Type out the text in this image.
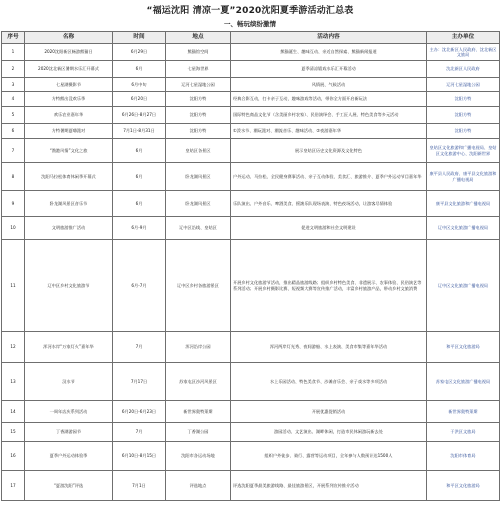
“福运沈阳 清凉一夏”2020沈阳夏季游活动汇总表
一、畅玩缤纷激情
序号	名称	时间	地点	活动内容	主办单位
1	2020沈阳新区畅游熊猫日	6月29日	熊猫馆空间	熊猫诞生、趣味互动、亲近自然探索、熊猫新闻报道	主办：沈北新区人民政府、沈北新区文旅局
2	2020沈北新区暑期水乐汇开幕式	6月	七星海世界	夏季清凉嬉戏水乐汇开幕活动	沈北新区人民政府
3	七星湖摄影节	6月中旬	辽河七星湿地公园	风情展、气候活动	辽河七星湿地公园
4	方特熊出没欢乐季	6月20日	沈阳方特	经典合影互动，打卡亲子互动，趣味游戏等活动，带你全方面开启新玩法	沈阳方特
5	欢乐农业嘉年华	6月26日-8月27日	沈阳方特	国际特色商品文化节（含美丽乡村农家）、民俗演绎会、手工匠人展、特色美食等多元活动	沈阳方特
6	方特暑期夏嗨派对	7月1日-8月31日	沈阳方特	①泼水节、潮玩派对、潮流音乐、趣味活动、②夜游嘉年华	沈阳方特
7	“渔港风情”文化之旅	6月	皇姑区各景区	展示皇姑区历史文化资源及文化特色	皇姑区文化旅游和广播电视局、皇姑区文化旅游中心、沈阳新世界
8	沈阳马拉松体育休闲季开幕式	6月	卧龙湖风景区	户外运动、马拉松、全民健身赛事活动、亲子互动体验、美食汇、旅游推介、夏季户外运动节目嘉年华	康平县人民政府、康平县文化旅游和广播电视局
9	卧龙湖风景区音乐节	6月	卧龙湖风景区	乐队演出、户外音乐、啤酒美食、摇滚乐队现场表演、特色夜场活动，让游客尽情体验	康平县文化旅游和广播电视局
10	文明旅游推广活动	6月-9月	辽中区沿线、皇姑区	促进文明旅游和社会文明建设	辽中区文化旅游广播电视局
11	辽中区乡村文化旅游节	6月-7月	辽中区乡村各旅游景区	开展乡村文化旅游节活动，推出精品旅游线路；组织乡村特色美食、非遗展示、农事体验、民俗演艺等系列活动；开展乡村摄影比赛、短视频大赛等宣传推广活动，丰富乡村旅游产品，带动乡村文旅消费	辽中区文化旅游广播电视局
12	浑河水岸“万家灯火”嘉年华	7月	浑河沿岸公园	浑河两岸灯光秀、夜间游船、水上表演、美食市集等嘉年华活动	和平区文化旅游局
13	汉水节	7月17日	苏家屯区沙河风景区	水上乐园活动、特色美食节、沙滩音乐会、亲子戏水等多项活动	苏家屯区文化旅游广播电视局
14	一周年店庆系列活动	6月20日-6月23日	新世界奥特莱斯	开展优惠促销活动	新世界奥特莱斯
15	丁香湖游园节	7月	丁香湖公园	游园活动、文艺演出、湖畔休闲，打造市民休闲游玩新去处	于洪区文旅局
16	夏季户外运动体验季	6月10日-8月15日	沈阳市各运动场地	组织户外徒步、骑行、露营等运动项目，全年参与人数预计达1500人	沈阳市体育局
17	“夏游沈阳”评选	7月1日	评选地点	评选沈阳夏季最美旅游线路、最佳旅游景区，开展系列宣传推介活动	和平区文化旅游局
